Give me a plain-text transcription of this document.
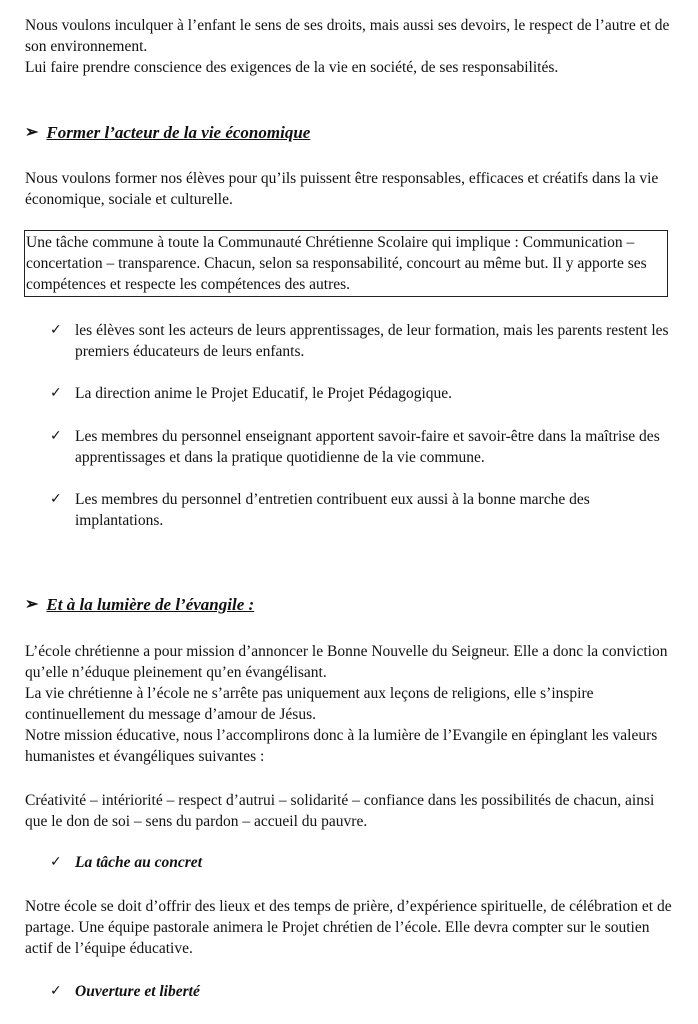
Nous voulons inculquer à l’enfant le sens de ses droits, mais aussi ses devoirs, le respect de l’autre et de son environnement.

Lui faire prendre conscience des exigences de la vie en société, de ses responsabilités.

➢ Former l’acteur de la vie économique
Nous voulons former nos élèves pour qu’ils puissent être responsables, efficaces et créatifs dans la vie économique, sociale et culturelle.
Une tâche commune à toute la Communauté Chrétienne Scolaire qui implique : Communication – concertation – transparence. Chacun, selon sa responsabilité, concourt au même but. Il y apporte ses compétences et respecte les compétences des autres.
✓ les élèves sont les acteurs de leurs apprentissages, de leur formation, mais les parents restent les premiers éducateurs de leurs enfants.
✓ La direction anime le Projet Educatif, le Projet Pédagogique.
✓ Les membres du personnel enseignant apportent savoir-faire et savoir-être dans la maîtrise des apprentissages et dans la pratique quotidienne de la vie commune.
✓ Les membres du personnel d’entretien contribuent eux aussi à la bonne marche des implantations.
➢ Et à la lumière de l’évangile :

L’école chrétienne a pour mission d’annoncer le Bonne Nouvelle du Seigneur. Elle a donc la conviction qu’elle n’éduque pleinement qu’en évangélisant.

La vie chrétienne à l’école ne s’arrête pas uniquement aux leçons de religions, elle s’inspire continuellement du message d’amour de Jésus.

Notre mission éducative, nous l’accomplirons donc à la lumière de l’Evangile en épinglant les valeurs humanistes et évangéliques suivantes :

Créativité – intériorité – respect d’autrui – solidarité – confiance dans les possibilités de chacun, ainsi que le don de soi – sens du pardon – accueil du pauvre.
✓ La tâche au concret
Notre école se doit d’offrir des lieux et des temps de prière, d’expérience spirituelle, de célébration et de partage. Une équipe pastorale animera le Projet chrétien de l’école. Elle devra compter sur le soutien actif de l’équipe éducative.
✓ Ouverture et liberté
